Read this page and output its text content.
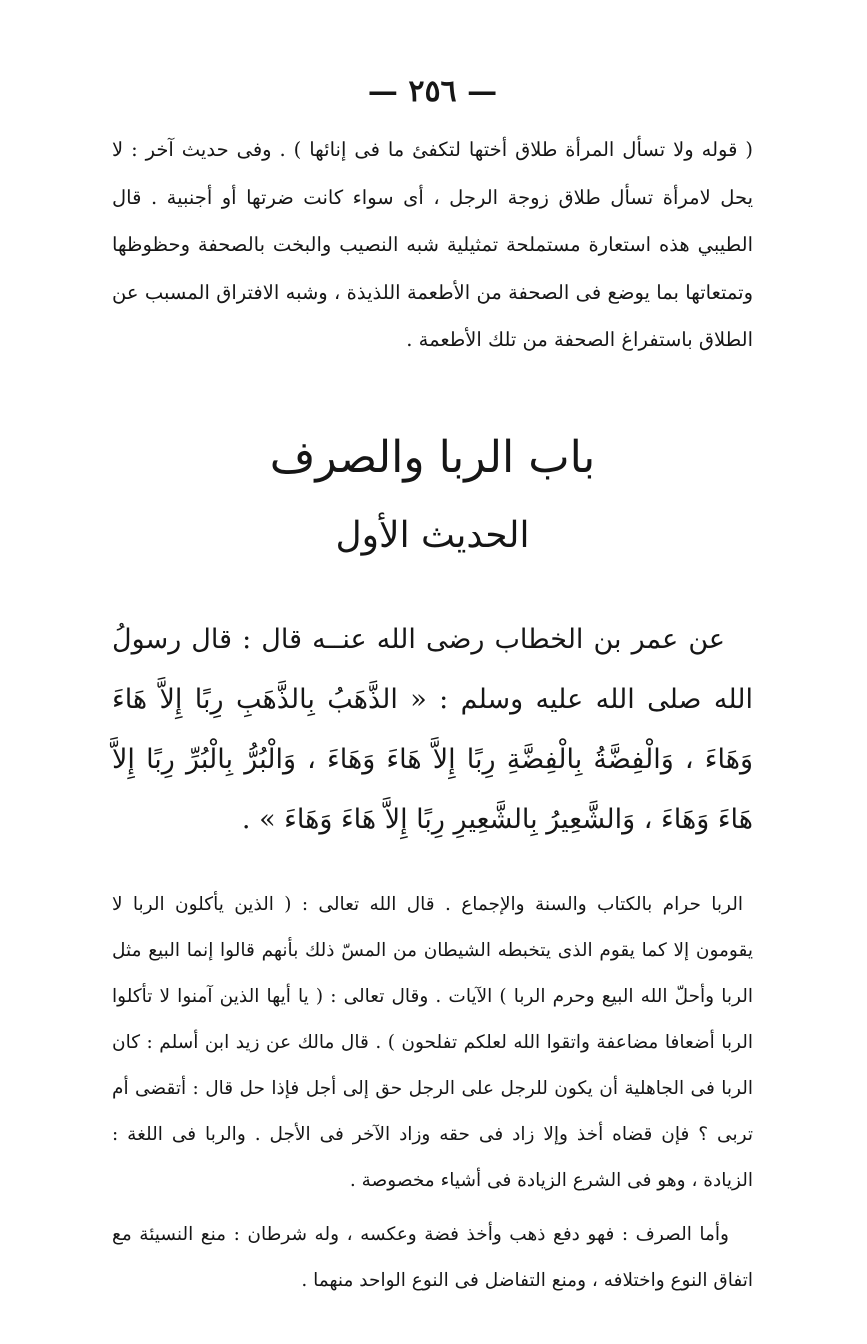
— ٢٥٦ —

( قوله ولا تسأل المرأة طلاق أختها لتكفئ ما فى إنائها ) . وفى حديث آخر : لا يحل لامرأة تسأل طلاق زوجة الرجل ، أى سواء كانت ضرتها أو أجنبية . قال الطيبي هذه استعارة مستملحة تمثيلية شبه النصيب والبخت بالصحفة وحظوظها وتمتعاتها بما يوضع فى الصحفة من الأطعمة اللذيذة ، وشبه الافتراق المسبب عن الطلاق باستفراغ الصحفة من تلك الأطعمة .

باب الربا والصرف
الحديث الأول

عن عمر بن الخطاب رضى الله عنــه قال : قال رسولُ الله صلى الله عليه وسلم : « الذَّهَبُ بِالذَّهَبِ رِبًا إِلاَّ هَاءَ وَهَاءَ ، وَالْفِضَّةُ بِالْفِضَّةِ رِبًا إِلاَّ هَاءَ وَهَاءَ ، وَالْبُرُّ بِالْبُرِّ رِبًا إِلاَّ هَاءَ وَهَاءَ ، وَالشَّعِيرُ بِالشَّعِيرِ رِبًا إِلاَّ هَاءَ وَهَاءَ » .

الربا حرام بالكتاب والسنة والإجماع . قال الله تعالى : ( الذين يأكلون الربا لا يقومون إلا كما يقوم الذى يتخبطه الشيطان من المسّ ذلك بأنهم قالوا إنما البيع مثل الربا وأحلّ الله البيع وحرم الربا ) الآيات . وقال تعالى : ( يا أيها الذين آمنوا لا تأكلوا الربا أضعافا مضاعفة واتقوا الله لعلكم تفلحون ) . قال مالك عن زيد ابن أسلم : كان الربا فى الجاهلية أن يكون للرجل على الرجل حق إلى أجل فإذا حل قال : أتقضى أم تربى ؟ فإن قضاه أخذ وإلا زاد فى حقه وزاد الآخر فى الأجل . والربا فى اللغة : الزيادة ، وهو فى الشرع الزيادة فى أشياء مخصوصة .

وأما الصرف : فهو دفع ذهب وأخذ فضة وعكسه ، وله شرطان : منع النسيئة مع اتفاق النوع واختلافه ، ومنع التفاضل فى النوع الواحد منهما .
